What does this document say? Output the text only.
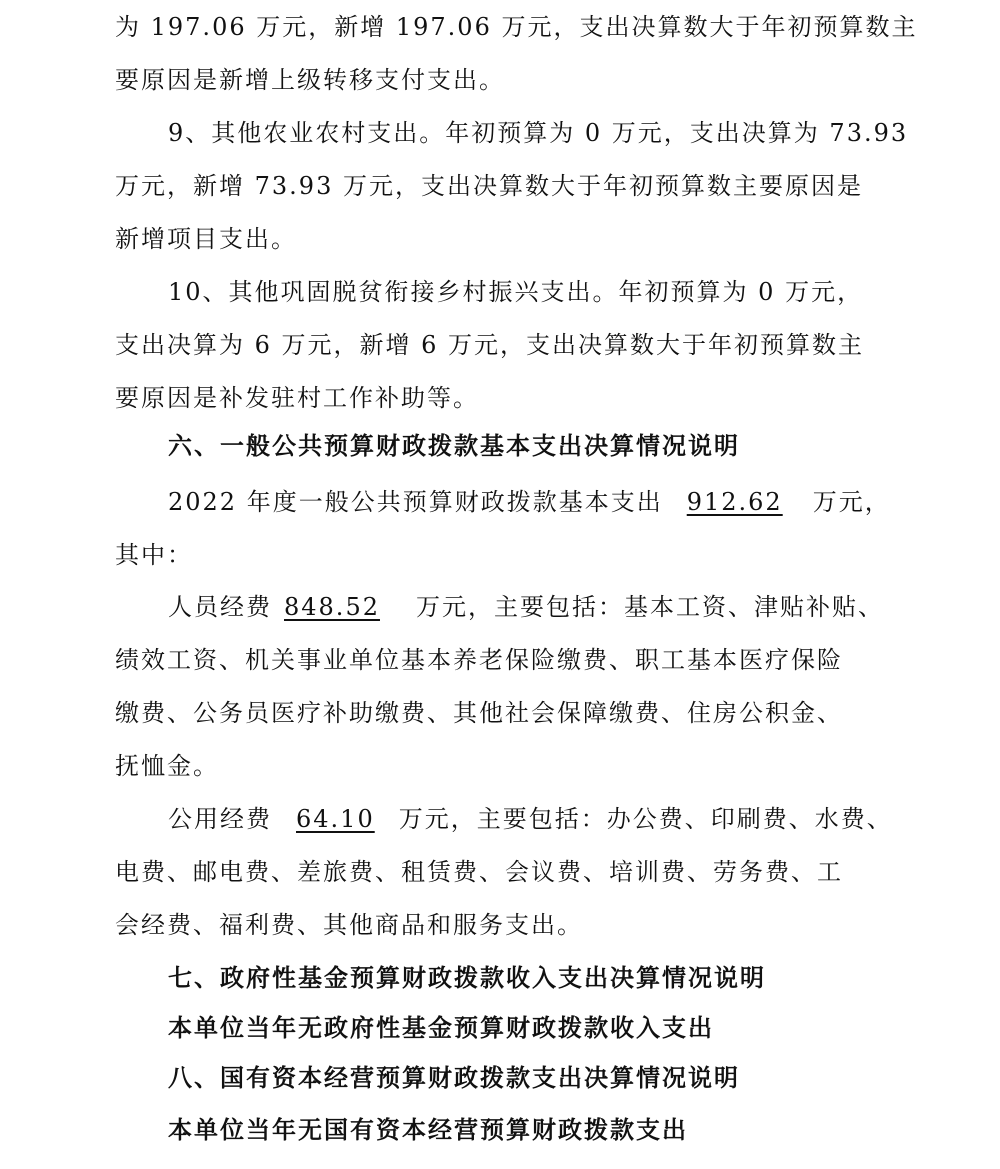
为 197.06 万元，新增 197.06 万元，支出决算数大于年初预算数主
要原因是新增上级转移支付支出。
9、其他农业农村支出。年初预算为 0 万元，支出决算为 73.93
万元，新增 73.93 万元，支出决算数大于年初预算数主要原因是
新增项目支出。
10、其他巩固脱贫衔接乡村振兴支出。年初预算为 0 万元，
支出决算为 6 万元，新增 6 万元，支出决算数大于年初预算数主
要原因是补发驻村工作补助等。
六、一般公共预算财政拨款基本支出决算情况说明
2022 年度一般公共预算财政拨款基本支出 912.62 万元，
其中：
人员经费 848.52 万元，主要包括：基本工资、津贴补贴、
绩效工资、机关事业单位基本养老保险缴费、职工基本医疗保险
缴费、公务员医疗补助缴费、其他社会保障缴费、住房公积金、
抚恤金。
公用经费 64.10 万元，主要包括：办公费、印刷费、水费、
电费、邮电费、差旅费、租赁费、会议费、培训费、劳务费、工
会经费、福利费、其他商品和服务支出。
七、政府性基金预算财政拨款收入支出决算情况说明
本单位当年无政府性基金预算财政拨款收入支出
八、国有资本经营预算财政拨款支出决算情况说明
本单位当年无国有资本经营预算财政拨款支出
